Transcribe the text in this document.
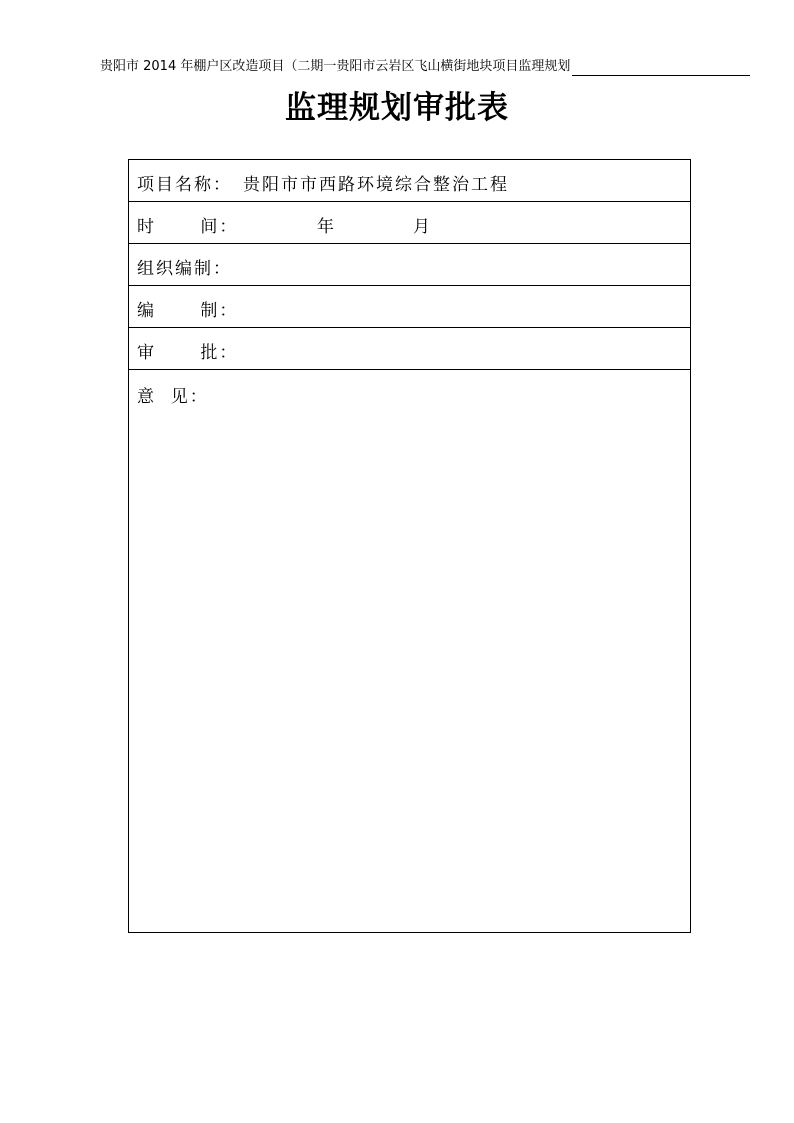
贵阳市 2014 年棚户区改造项目（二期一贵阳市云岩区飞山横街地块项目监理规划
监理规划审批表
项目名称： 贵阳市市西路环境综合整治工程
时      间：	年	月
组织编制：
编      制：
审      批：
意  见：
